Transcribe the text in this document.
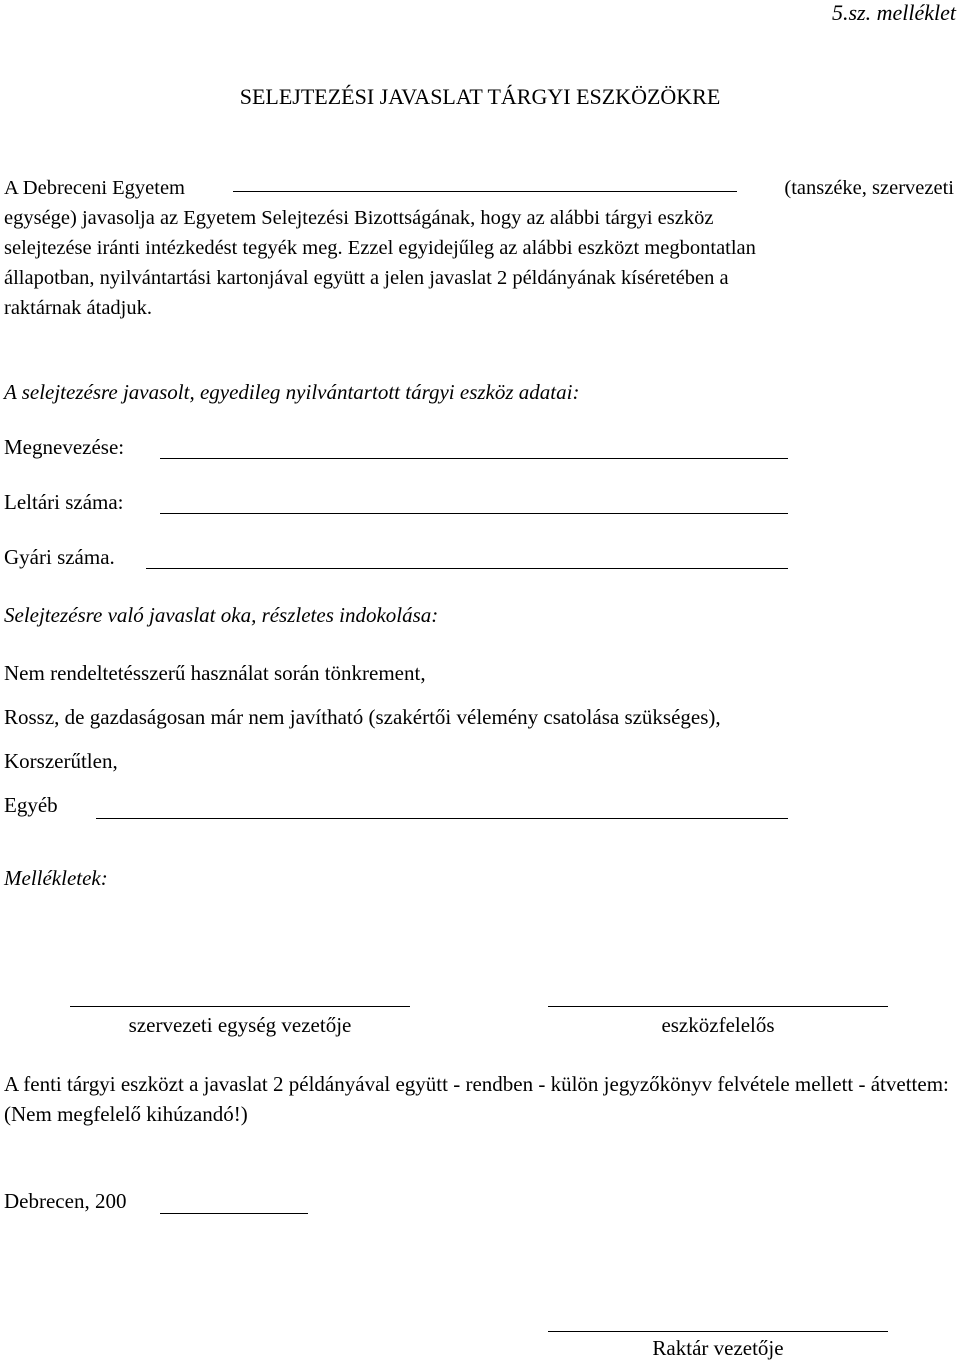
5.sz. melléklet
SELEJTEZÉSI JAVASLAT TÁRGYI ESZKÖZÖKRE
A Debreceni Egyetem	(tanszéke, szervezeti
egysége) javasolja az Egyetem Selejtezési Bizottságának, hogy az alábbi tárgyi eszköz
selejtezése iránti intézkedést tegyék meg. Ezzel egyidejűleg az alábbi eszközt megbontatlan
állapotban, nyilvántartási kartonjával együtt a jelen javaslat 2 példányának kíséretében a
raktárnak átadjuk.
A selejtezésre javasolt, egyedileg nyilvántartott tárgyi eszköz adatai:
Megnevezése:
Leltári száma:
Gyári száma.
Selejtezésre való javaslat oka, részletes indokolása:
Nem rendeltetésszerű használat során tönkrement,
Rossz, de gazdaságosan már nem javítható (szakértői vélemény csatolása szükséges),
Korszerűtlen,
Egyéb
Mellékletek:
szervezeti egység vezetője	eszközfelelős
A fenti tárgyi eszközt a javaslat 2 példányával együtt - rendben - külön jegyzőkönyv felvétele mellett - átvettem: (Nem megfelelő kihúzandó!)
Debrecen, 200
Raktár vezetője
